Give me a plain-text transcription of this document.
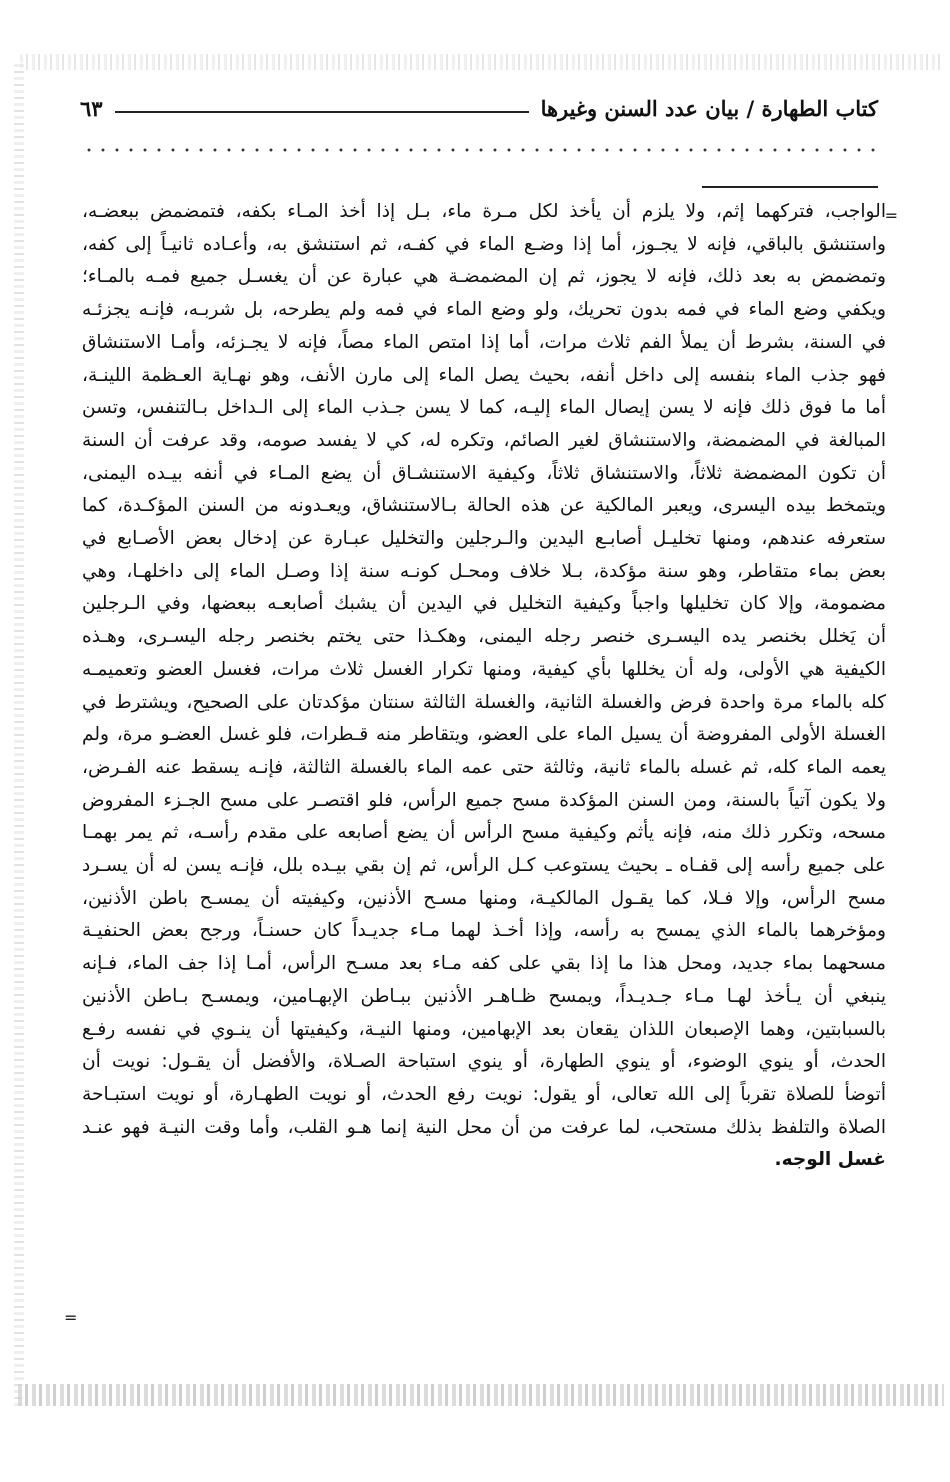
٦٣	كتاب الطهارة / بيان عدد السنن وغيرها
=
الواجب، فتركهما إثم، ولا يلزم أن يأخذ لكل مـرة ماء، بـل إذا أخذ المـاء بكفه، فتمضمض ببعضـه،
واستنشق بالباقي، فإنه لا يجـوز، أما إذا وضـع الماء في كفـه، ثم استنشق به، وأعـاده ثانيـاً إلى كفه،
وتمضمض به بعد ذلك، فإنه لا يجوز، ثم إن المضمضـة هي عبارة عن أن يغسـل جميع فمـه بالمـاء؛
ويكفي وضع الماء في فمه بدون تحريك، ولو وضع الماء في فمه ولم يطرحه، بل شربـه، فإنـه يجزئـه
في السنة، بشرط أن يملأ الفم ثلاث مرات، أما إذا امتص الماء مصاً، فإنه لا يجـزئه، وأمـا الاستنشاق
فهو جذب الماء بنفسه إلى داخل أنفه، بحيث يصل الماء إلى مارن الأنف، وهو نهـاية العـظمة اللينـة،
أما ما فوق ذلك فإنه لا يسن إيصال الماء إليـه، كما لا يسن جـذب الماء إلى الـداخل بـالتنفس، وتسن
المبالغة في المضمضة، والاستنشاق لغير الصائم، وتكره له، كي لا يفسد صومه، وقد عرفت أن السنة
أن تكون المضمضة ثلاثاً، والاستنشاق ثلاثاً، وكيفية الاستنشـاق أن يضع المـاء في أنفه بيـده اليمنى،
ويتمخط بيده اليسرى، ويعبر المالكية عن هذه الحالة بـالاستنشاق، ويعـدونه من السنن المؤكـدة، كما
ستعرفه عندهم، ومنها تخليـل أصابـع اليدين والـرجلين والتخليل عبـارة عن إدخال بعض الأصـابع في
بعض بماء متقاطر، وهو سنة مؤكدة، بـلا خلاف ومحـل كونـه سنة إذا وصـل الماء إلى داخلهـا، وهي
مضمومة، وإلا كان تخليلها واجباً وكيفية التخليل في اليدين أن يشبك أصابعـه ببعضها، وفي الـرجلين
أن يَخلل بخنصر يده اليسـرى خنصر رجله اليمنى، وهكـذا حتى يختم بخنصر رجله اليسـرى، وهـذه
الكيفية هي الأولى، وله أن يخللها بأي كيفية، ومنها تكرار الغسل ثلاث مرات، فغسل العضو وتعميمـه
كله بالماء مرة واحدة فرض والغسلة الثانية، والغسلة الثالثة سنتان مؤكدتان على الصحيح، ويشترط في
الغسلة الأولى المفروضة أن يسيل الماء على العضو، ويتقاطر منه قـطرات، فلو غسل العضـو مرة، ولم
يعمه الماء كله، ثم غسله بالماء ثانية، وثالثة حتى عمه الماء بالغسلة الثالثة، فإنـه يسقط عنه الفـرض،
ولا يكون آتياً بالسنة، ومن السنن المؤكدة مسح جميع الرأس، فلو اقتصـر على مسح الجـزء المفروض
مسحه، وتكرر ذلك منه، فإنه يأثم وكيفية مسح الرأس أن يضع أصابعه على مقدم رأسـه، ثم يمر بهمـا
على جميع رأسه إلى قفـاه ـ بحيث يستوعب كـل الرأس، ثم إن بقي بيـده بلل، فإنـه يسن له أن يسـرد
مسح الرأس، وإلا فـلا، كما يقـول المالكيـة، ومنها مسـح الأذنين، وكيفيته أن يمسـح باطن الأذنين،
ومؤخرهما بالماء الذي يمسح به رأسه، وإذا أخـذ لهما مـاء جديـداً كان حسنـاً، ورجح بعض الحنفيـة
مسحهما بماء جديد، ومحل هذا ما إذا بقي على كفه مـاء بعد مسـح الرأس، أمـا إذا جف الماء، فـإنه
ينبغي أن يـأخذ لهـا مـاء جـديـداً، ويمسح ظـاهـر الأذنين ببـاطن الإبهـامين، ويمسـح بـاطن الأذنين
بالسبابتين، وهما الإصبعان اللذان يقعان بعد الإبهامين، ومنها النيـة، وكيفيتها أن ينـوي في نفسه رفـع
الحدث، أو ينوي الوضوء، أو ينوي الطهارة، أو ينوي استباحة الصـلاة، والأفضل أن يقـول: نويت أن
أتوضأ للصلاة تقرباً إلى الله تعالى، أو يقول: نويت رفع الحدث، أو نويت الطهـارة، أو نويت استبـاحة
الصلاة والتلفظ بذلك مستحب، لما عرفت من أن محل النية إنما هـو القلب، وأما وقت النيـة فهو عنـد
غسل الوجه.
=
